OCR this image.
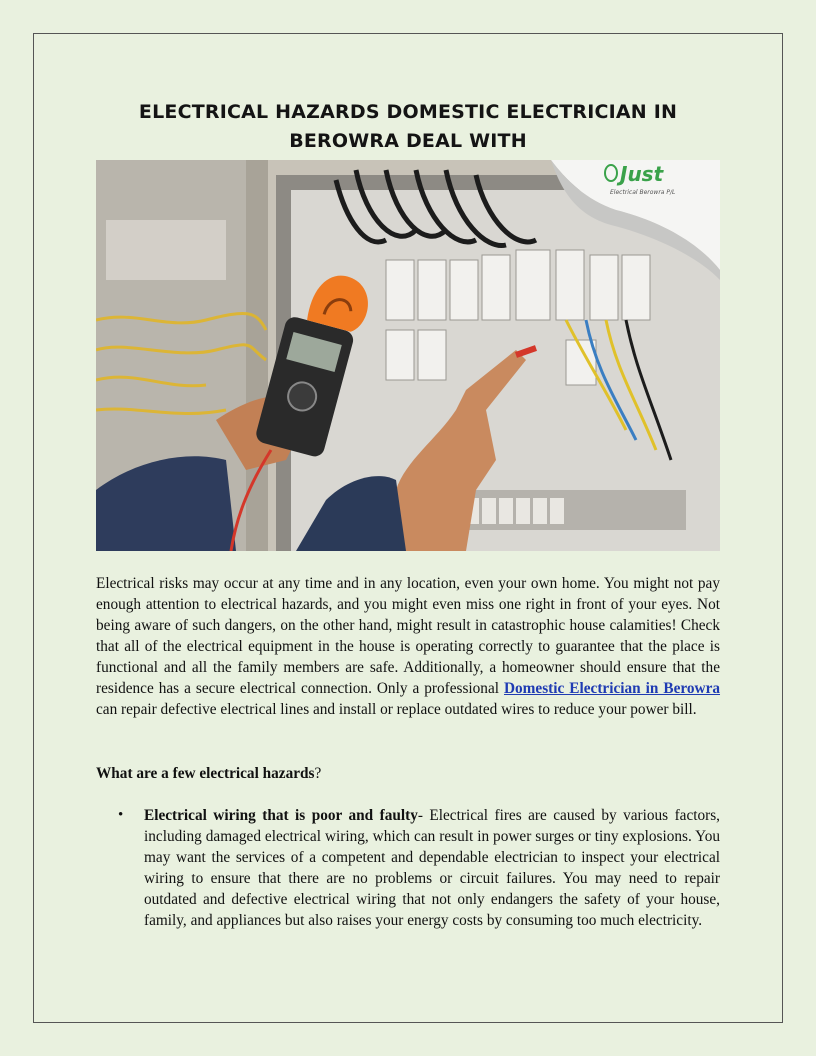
ELECTRICAL HAZARDS DOMESTIC ELECTRICIAN IN BEROWRA DEAL WITH
Just
Electrical Berowra P/L

Electrical risks may occur at any time and in any location, even your own home. You might not pay enough attention to electrical hazards, and you might even miss one right in front of your eyes. Not being aware of such dangers, on the other hand, might result in catastrophic house calamities! Check that all of the electrical equipment in the house is operating correctly to guarantee that the place is functional and all the family members are safe. Additionally, a homeowner should ensure that the residence has a secure electrical connection. Only a professional Domestic Electrician in Berowra can repair defective electrical lines and install or replace outdated wires to reduce your power bill.

What are a few electrical hazards?

• Electrical wiring that is poor and faulty- Electrical fires are caused by various factors, including damaged electrical wiring, which can result in power surges or tiny explosions. You may want the services of a competent and dependable electrician to inspect your electrical wiring to ensure that there are no problems or circuit failures. You may need to repair outdated and defective electrical wiring that not only endangers the safety of your house, family, and appliances but also raises your energy costs by consuming too much electricity.
